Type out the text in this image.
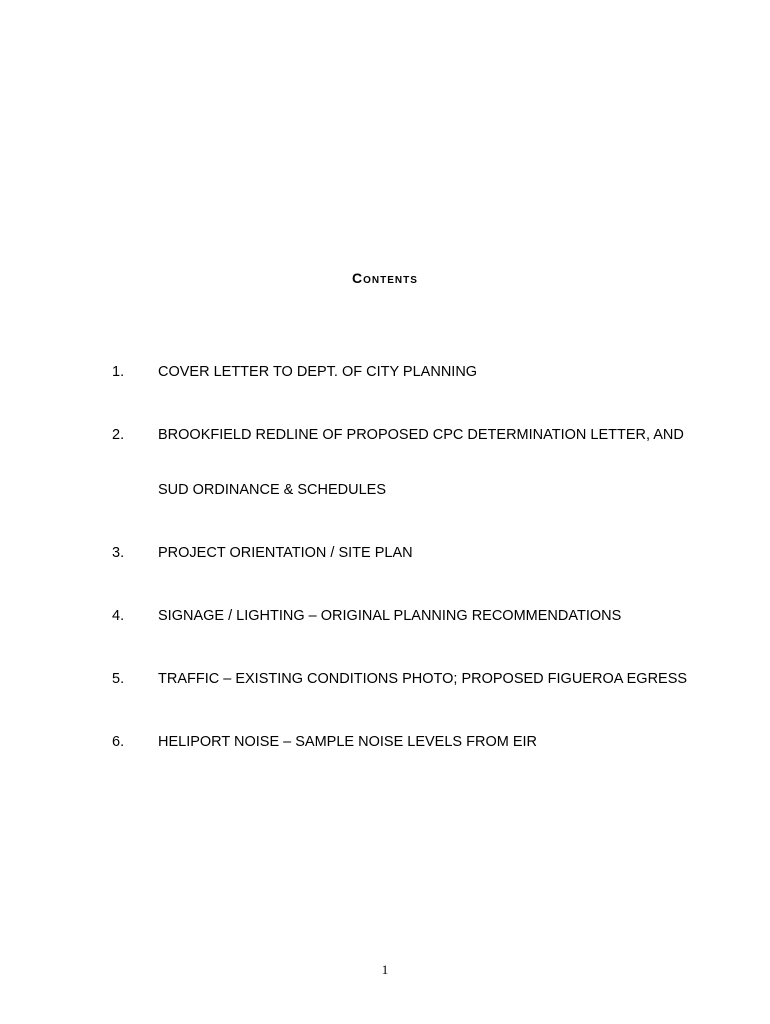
Contents
1. COVER LETTER TO DEPT. OF CITY PLANNING
2. BROOKFIELD REDLINE OF PROPOSED CPC DETERMINATION LETTER, AND
SUD ORDINANCE & SCHEDULES
3. PROJECT ORIENTATION / SITE PLAN
4. SIGNAGE / LIGHTING – ORIGINAL PLANNING RECOMMENDATIONS
5. TRAFFIC – EXISTING CONDITIONS PHOTO; PROPOSED FIGUEROA EGRESS
6. HELIPORT NOISE – SAMPLE NOISE LEVELS FROM EIR
1
